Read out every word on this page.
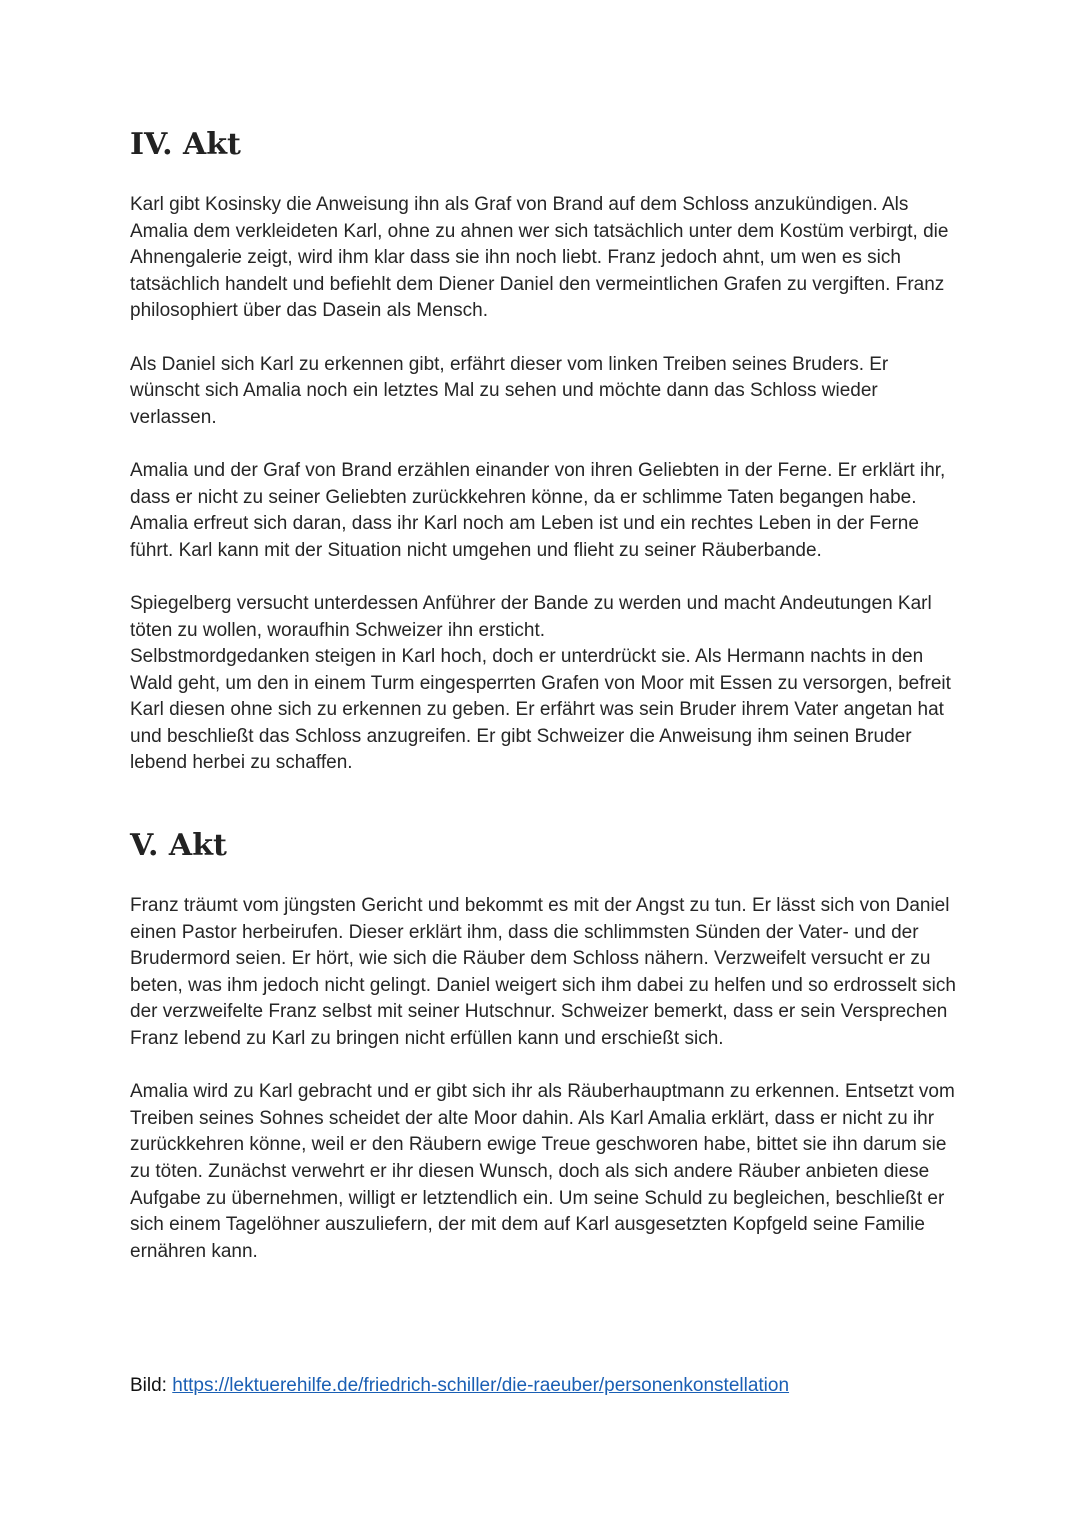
IV. Akt

Karl gibt Kosinsky die Anweisung ihn als Graf von Brand auf dem Schloss anzukündigen. Als Amalia dem verkleideten Karl, ohne zu ahnen wer sich tatsächlich unter dem Kostüm verbirgt, die Ahnengalerie zeigt, wird ihm klar dass sie ihn noch liebt. Franz jedoch ahnt, um wen es sich tatsächlich handelt und befiehlt dem Diener Daniel den vermeintlichen Grafen zu vergiften. Franz philosophiert über das Dasein als Mensch.

Als Daniel sich Karl zu erkennen gibt, erfährt dieser vom linken Treiben seines Bruders. Er wünscht sich Amalia noch ein letztes Mal zu sehen und möchte dann das Schloss wieder verlassen.

Amalia und der Graf von Brand erzählen einander von ihren Geliebten in der Ferne. Er erklärt ihr, dass er nicht zu seiner Geliebten zurückkehren könne, da er schlimme Taten begangen habe. Amalia erfreut sich daran, dass ihr Karl noch am Leben ist und ein rechtes Leben in der Ferne führt. Karl kann mit der Situation nicht umgehen und flieht zu seiner Räuberbande.

Spiegelberg versucht unterdessen Anführer der Bande zu werden und macht Andeutungen Karl töten zu wollen, woraufhin Schweizer ihn ersticht.

Selbstmordgedanken steigen in Karl hoch, doch er unterdrückt sie. Als Hermann nachts in den Wald geht, um den in einem Turm eingesperrten Grafen von Moor mit Essen zu versorgen, befreit Karl diesen ohne sich zu erkennen zu geben. Er erfährt was sein Bruder ihrem Vater angetan hat und beschließt das Schloss anzugreifen. Er gibt Schweizer die Anweisung ihm seinen Bruder lebend herbei zu schaffen.

V. Akt

Franz träumt vom jüngsten Gericht und bekommt es mit der Angst zu tun. Er lässt sich von Daniel einen Pastor herbeirufen. Dieser erklärt ihm, dass die schlimmsten Sünden der Vater- und der Brudermord seien. Er hört, wie sich die Räuber dem Schloss nähern. Verzweifelt versucht er zu beten, was ihm jedoch nicht gelingt. Daniel weigert sich ihm dabei zu helfen und so erdrosselt sich der verzweifelte Franz selbst mit seiner Hutschnur. Schweizer bemerkt, dass er sein Versprechen Franz lebend zu Karl zu bringen nicht erfüllen kann und erschießt sich.

Amalia wird zu Karl gebracht und er gibt sich ihr als Räuberhauptmann zu erkennen. Entsetzt vom Treiben seines Sohnes scheidet der alte Moor dahin. Als Karl Amalia erklärt, dass er nicht zu ihr zurückkehren könne, weil er den Räubern ewige Treue geschworen habe, bittet sie ihn darum sie zu töten. Zunächst verwehrt er ihr diesen Wunsch, doch als sich andere Räuber anbieten diese Aufgabe zu übernehmen, willigt er letztendlich ein. Um seine Schuld zu begleichen, beschließt er sich einem Tagelöhner auszuliefern, der mit dem auf Karl ausgesetzten Kopfgeld seine Familie ernähren kann.

Bild: https://lektuerehilfe.de/friedrich-schiller/die-raeuber/personenkonstellation
